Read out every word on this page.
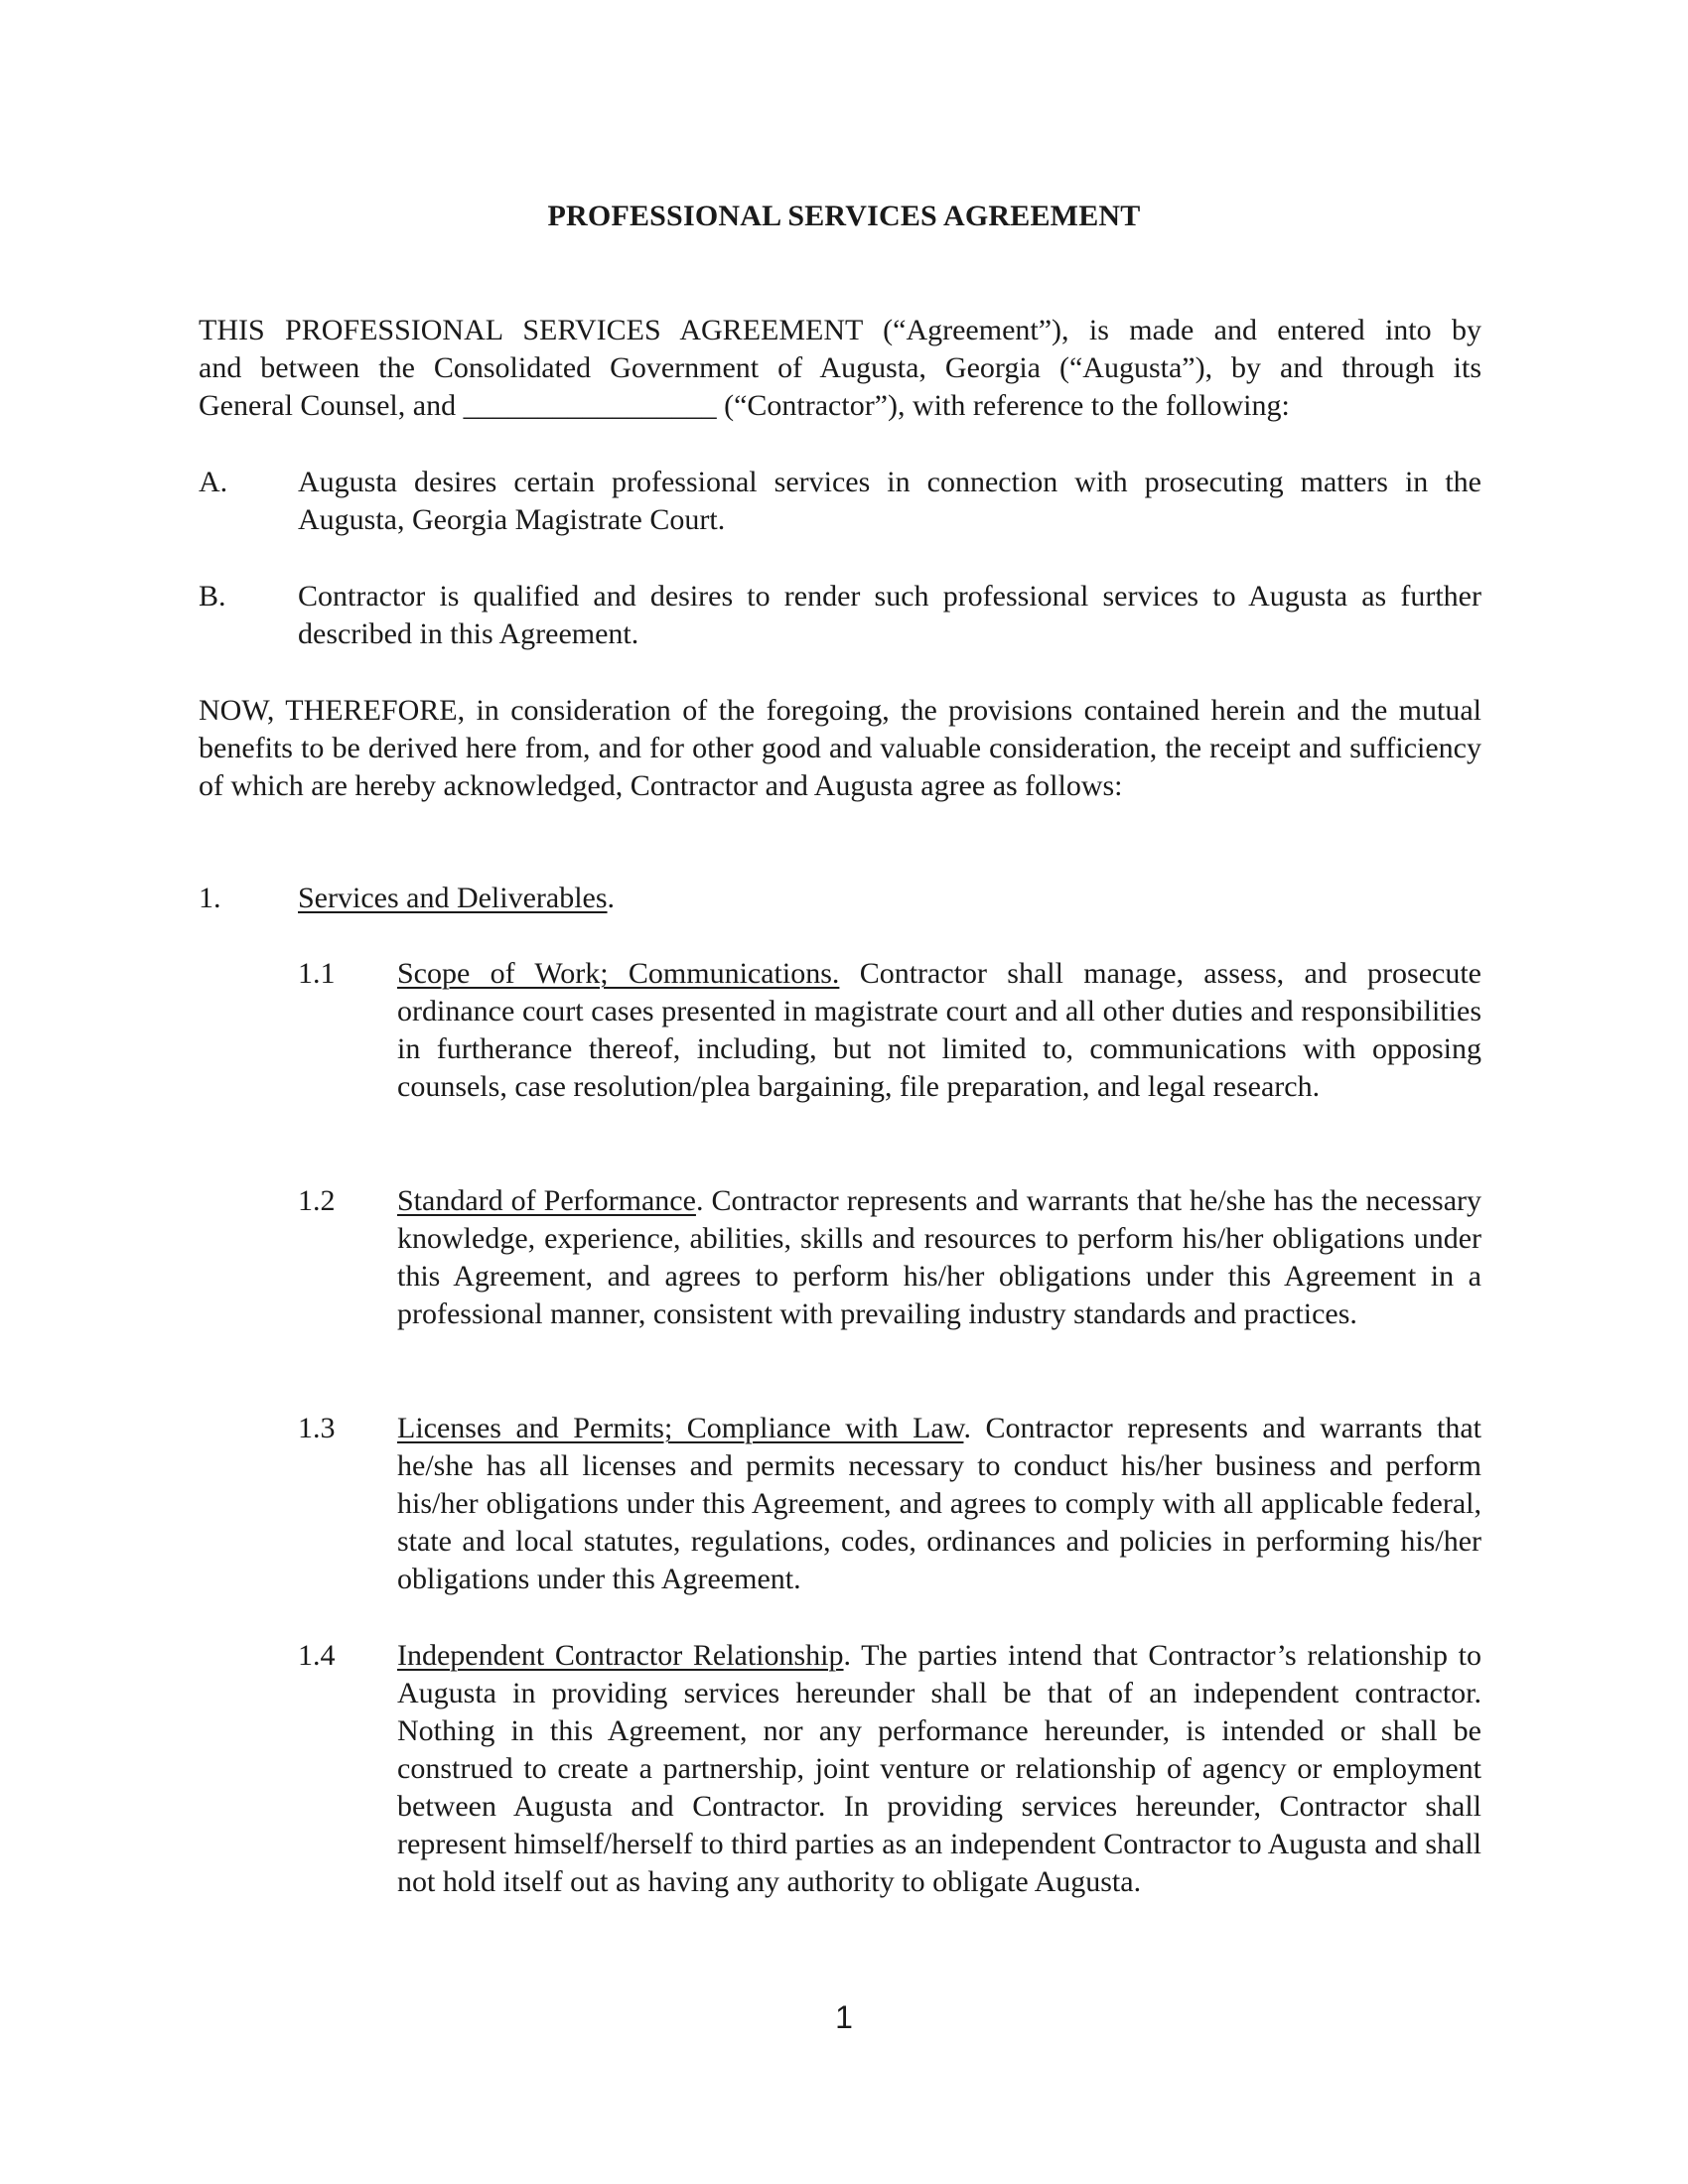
PROFESSIONAL SERVICES AGREEMENT
THIS PROFESSIONAL SERVICES AGREEMENT (“Agreement”), is made and entered into by
and between the Consolidated Government of Augusta, Georgia (“Augusta”), by and through its
General Counsel, and _________________ (“Contractor”), with reference to the following:
A. Augusta desires certain professional services in connection with prosecuting matters in the Augusta, Georgia Magistrate Court.
B. Contractor is qualified and desires to render such professional services to Augusta as further described in this Agreement.
NOW, THEREFORE, in consideration of the foregoing, the provisions contained herein and the mutual benefits to be derived here from, and for other good and valuable consideration, the receipt and sufficiency of which are hereby acknowledged, Contractor and Augusta agree as follows:
1.	Services and Deliverables.
1.1 Scope of Work; Communications. Contractor shall manage, assess, and prosecute ordinance court cases presented in magistrate court and all other duties and responsibilities in furtherance thereof, including, but not limited to, communications with opposing counsels, case resolution/plea bargaining, file preparation, and legal research.
1.2 Standard of Performance. Contractor represents and warrants that he/she has the necessary knowledge, experience, abilities, skills and resources to perform his/her obligations under this Agreement, and agrees to perform his/her obligations under this Agreement in a professional manner, consistent with prevailing industry standards and practices.
1.3 Licenses and Permits; Compliance with Law. Contractor represents and warrants that he/she has all licenses and permits necessary to conduct his/her business and perform his/her obligations under this Agreement, and agrees to comply with all applicable federal, state and local statutes, regulations, codes, ordinances and policies in performing his/her obligations under this Agreement.
1.4 Independent Contractor Relationship. The parties intend that Contractor’s relationship to Augusta in providing services hereunder shall be that of an independent contractor. Nothing in this Agreement, nor any performance hereunder, is intended or shall be construed to create a partnership, joint venture or relationship of agency or employment between Augusta and Contractor. In providing services hereunder, Contractor shall represent himself/herself to third parties as an independent Contractor to Augusta and shall not hold itself out as having any authority to obligate Augusta.
1
